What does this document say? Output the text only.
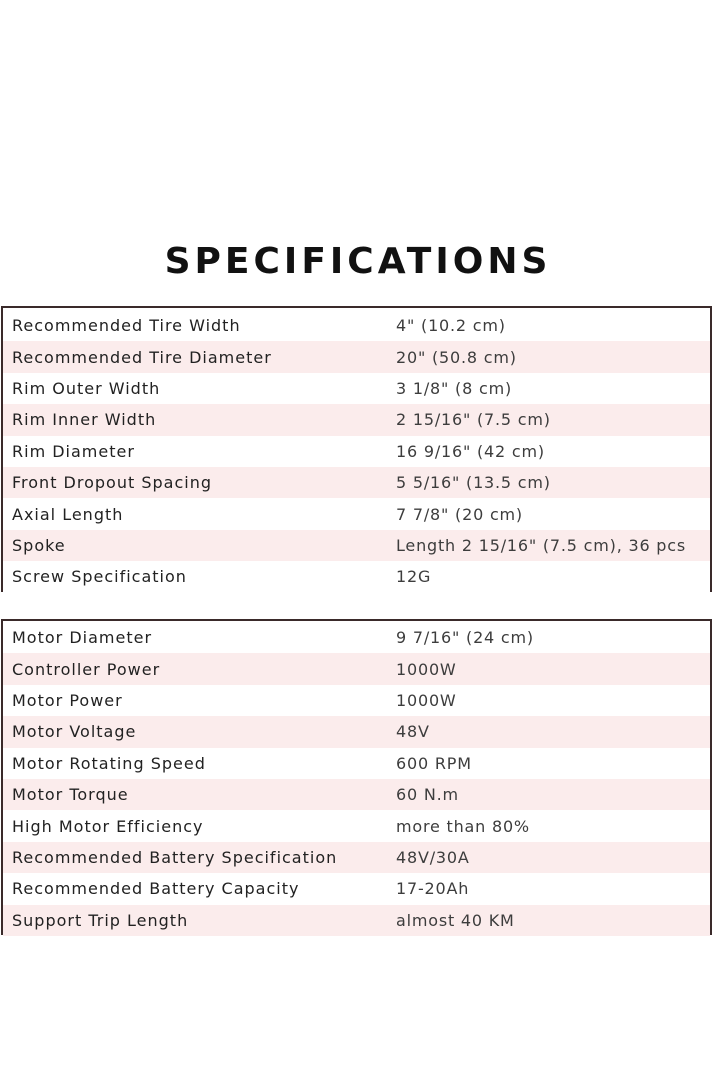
SPECIFICATIONS
Recommended Tire Width	4" (10.2 cm)
Recommended Tire Diameter	20" (50.8 cm)
Rim Outer Width	3 1/8" (8 cm)
Rim Inner Width	2 15/16" (7.5 cm)
Rim Diameter	16 9/16" (42 cm)
Front Dropout Spacing	5 5/16" (13.5 cm)
Axial Length	7 7/8" (20 cm)
Spoke	Length 2 15/16" (7.5 cm), 36 pcs
Screw Specification	12G
Motor Diameter	9 7/16" (24 cm)
Controller Power	1000W
Motor Power	1000W
Motor Voltage	48V
Motor Rotating Speed	600 RPM
Motor Torque	60 N.m
High Motor Efficiency	more than 80%
Recommended Battery Specification	48V/30A
Recommended Battery Capacity	17-20Ah
Support Trip Length	almost 40 KM
